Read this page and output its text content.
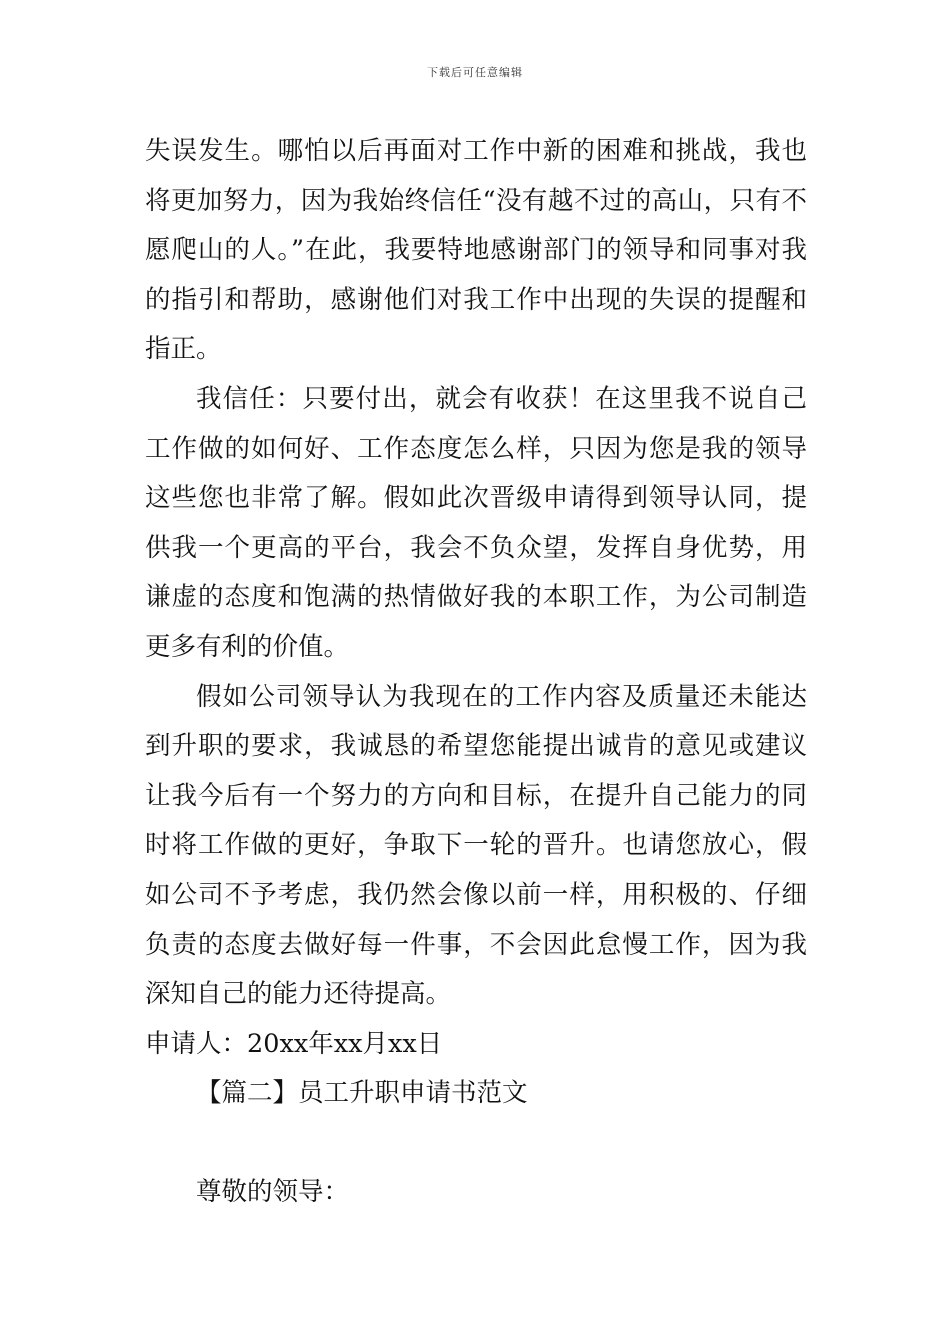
下载后可任意编辑

失误发生。哪怕以后再面对工作中新的困难和挑战，我也将更加努力，因为我始终信任“没有越不过的高山，只有不愿爬山的人。”在此，我要特地感谢部门的领导和同事对我的指引和帮助，感谢他们对我工作中出现的失误的提醒和指正。

我信任：只要付出，就会有收获！在这里我不说自己工作做的如何好、工作态度怎么样，只因为您是我的领导这些您也非常了解。假如此次晋级申请得到领导认同，提供我一个更高的平台，我会不负众望，发挥自身优势，用谦虚的态度和饱满的热情做好我的本职工作，为公司制造更多有利的价值。

假如公司领导认为我现在的工作内容及质量还未能达到升职的要求，我诚恳的希望您能提出诚肯的意见或建议让我今后有一个努力的方向和目标，在提升自己能力的同时将工作做的更好，争取下一轮的晋升。也请您放心，假如公司不予考虑，我仍然会像以前一样，用积极的、仔细负责的态度去做好每一件事，不会因此怠慢工作，因为我深知自己的能力还待提高。

申请人：20xx年xx月xx日

【篇二】员工升职申请书范文

尊敬的领导：
